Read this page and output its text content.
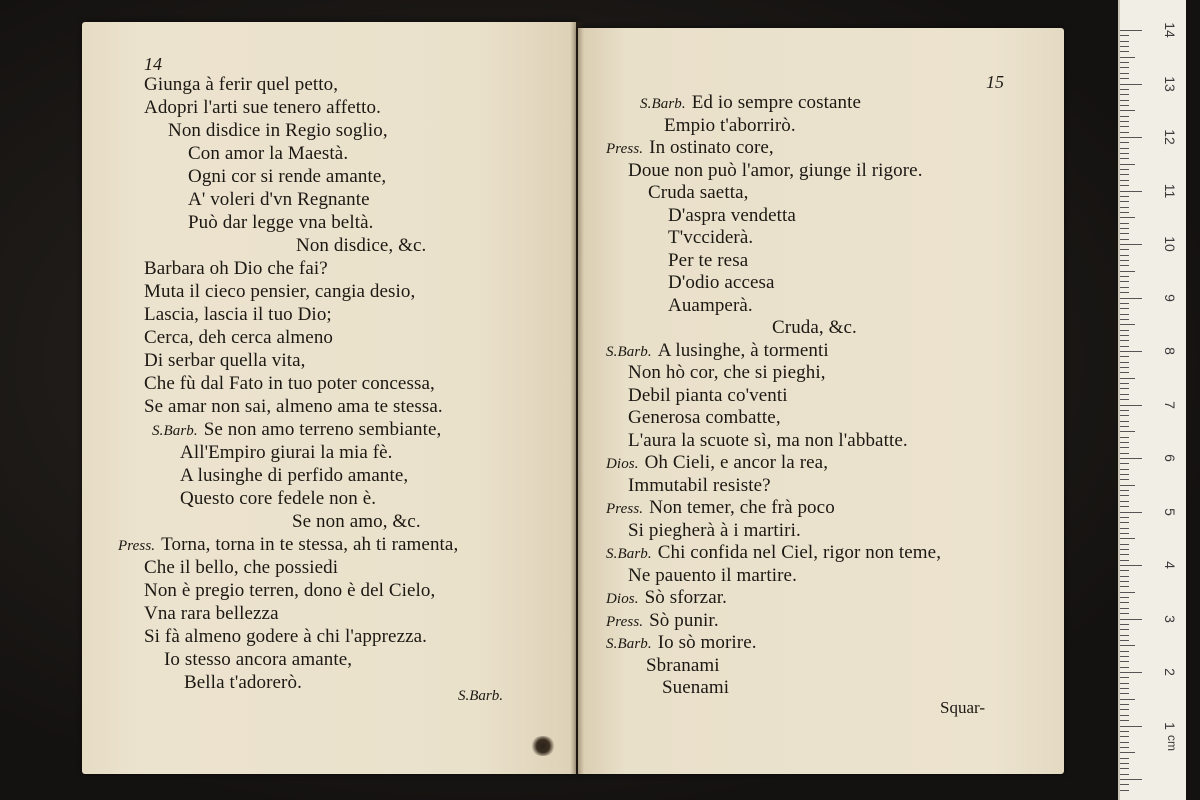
14
S.Barb.
Giunga à ferir quel petto,
Adopri l'arti sue tenero affetto.
Non disdice in Regio soglio,
Con amor la Maestà.
Ogni cor si rende amante,
A' voleri d'vn Regnante
Può dar legge vna beltà.
Non disdice, &c.
Barbara oh Dio che fai?
Muta il cieco pensier, cangia desio,
Lascia, lascia il tuo Dio;
Cerca, deh cerca almeno
Di serbar quella vita,
Che fù dal Fato in tuo poter concessa,
Se amar non sai, almeno ama te stessa.
S.Barb. Se non amo terreno sembiante,
All'Empiro giurai la mia fè.
A lusinghe di perfido amante,
Questo core fedele non è.
Se non amo, &c.
Press. Torna, torna in te stessa, ah ti ramenta,
Che il bello, che possiedi
Non è pregio terren, dono è del Cielo,
Vna rara bellezza
Si fà almeno godere à chi l'apprezza.
Io stesso ancora amante,
Bella t'adorerò.
15
Squar-
S.Barb. Ed io sempre costante
Empio t'aborrirò.
Press. In ostinato core,
Doue non può l'amor, giunge il rigore.
Cruda saetta,
D'aspra vendetta
T'vcciderà.
Per te resa
D'odio accesa
Auamperà.
Cruda, &c.
S.Barb. A lusinghe, à tormenti
Non hò cor, che si pieghi,
Debil pianta co'venti
Generosa combatte,
L'aura la scuote sì, ma non l'abbatte.
Dios. Oh Cieli, e ancor la rea,
Immutabil resiste?
Press. Non temer, che frà poco
Si piegherà à i martiri.
S.Barb. Chi confida nel Ciel, rigor non teme,
Ne pauento il martire.
Dios. Sò sforzar.
Press. Sò punir.
S.Barb. Io sò morire.
Sbranami
Suenami
cm
14
13
12
11
10
9
8
7
6
5
4
3
2
1
